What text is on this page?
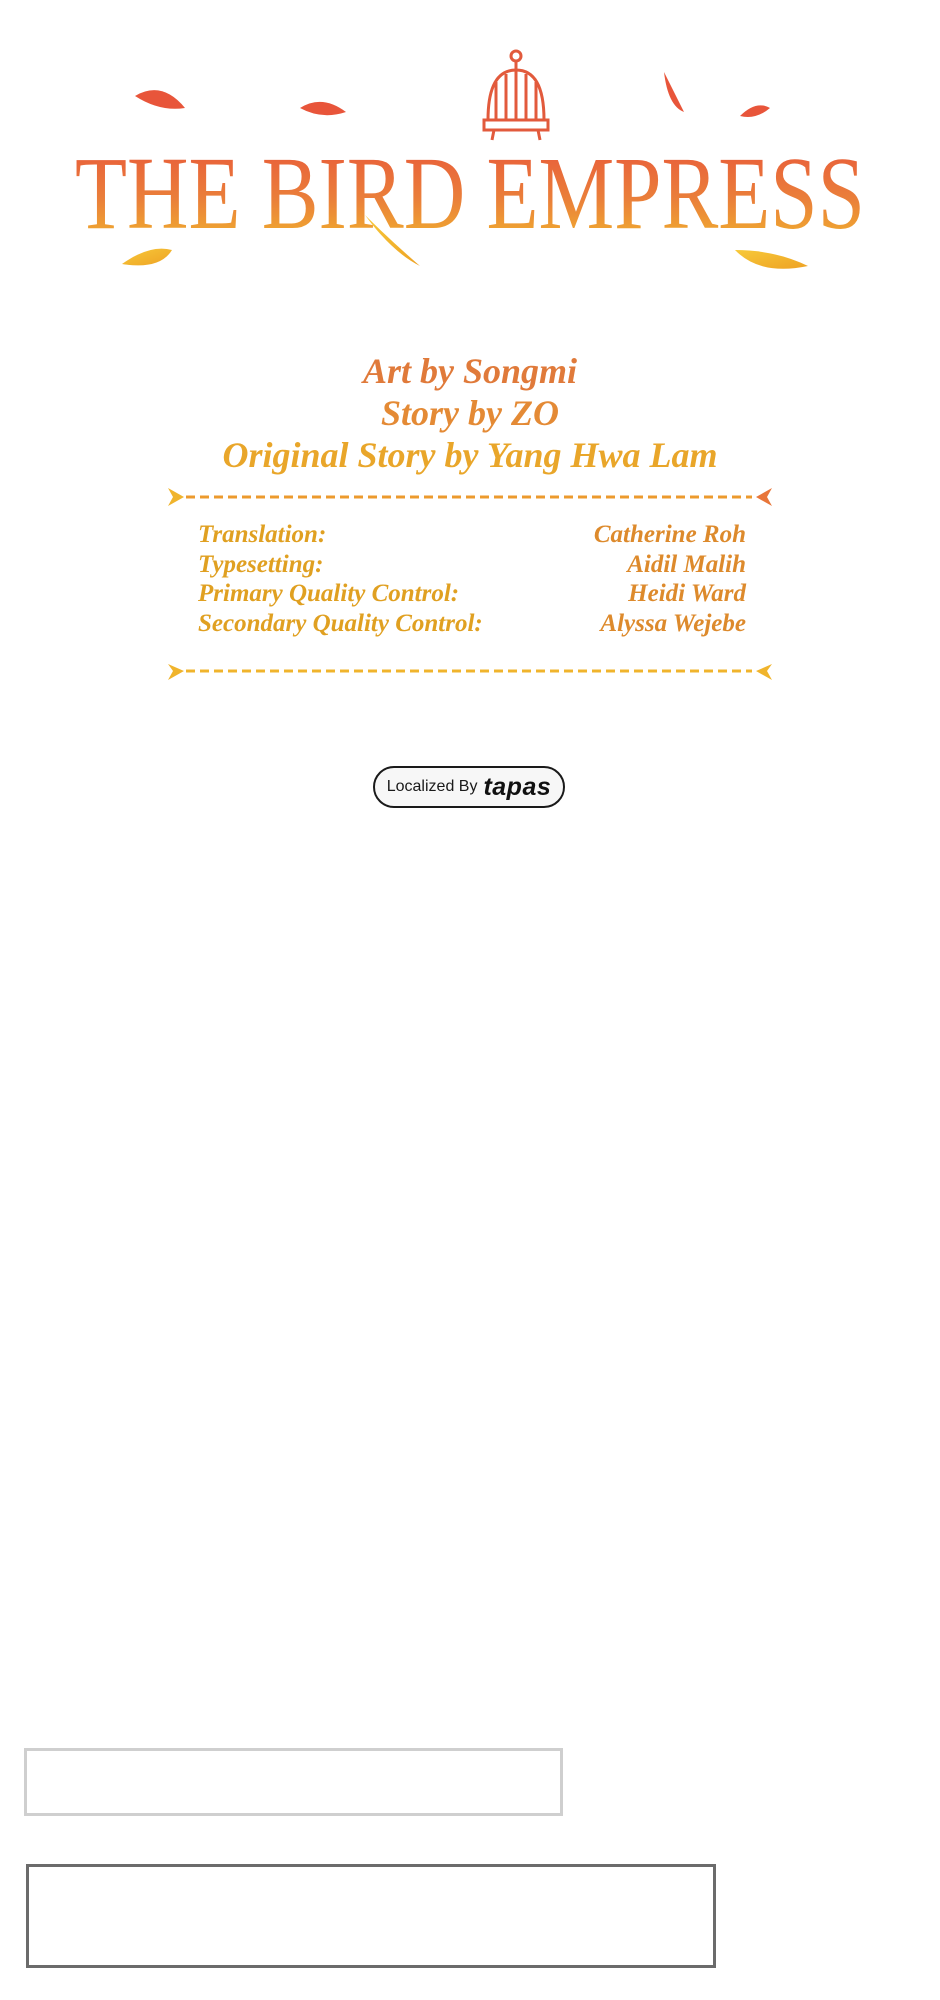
THE BIRD EMPRESS
Art by Songmi
Story by ZO
Original Story by Yang Hwa Lam
Translation:	Catherine Roh
Typesetting:	Aidil Malih
Primary Quality Control:	Heidi Ward
Secondary Quality Control:	Alyssa Wejebe
Localized By tapas
